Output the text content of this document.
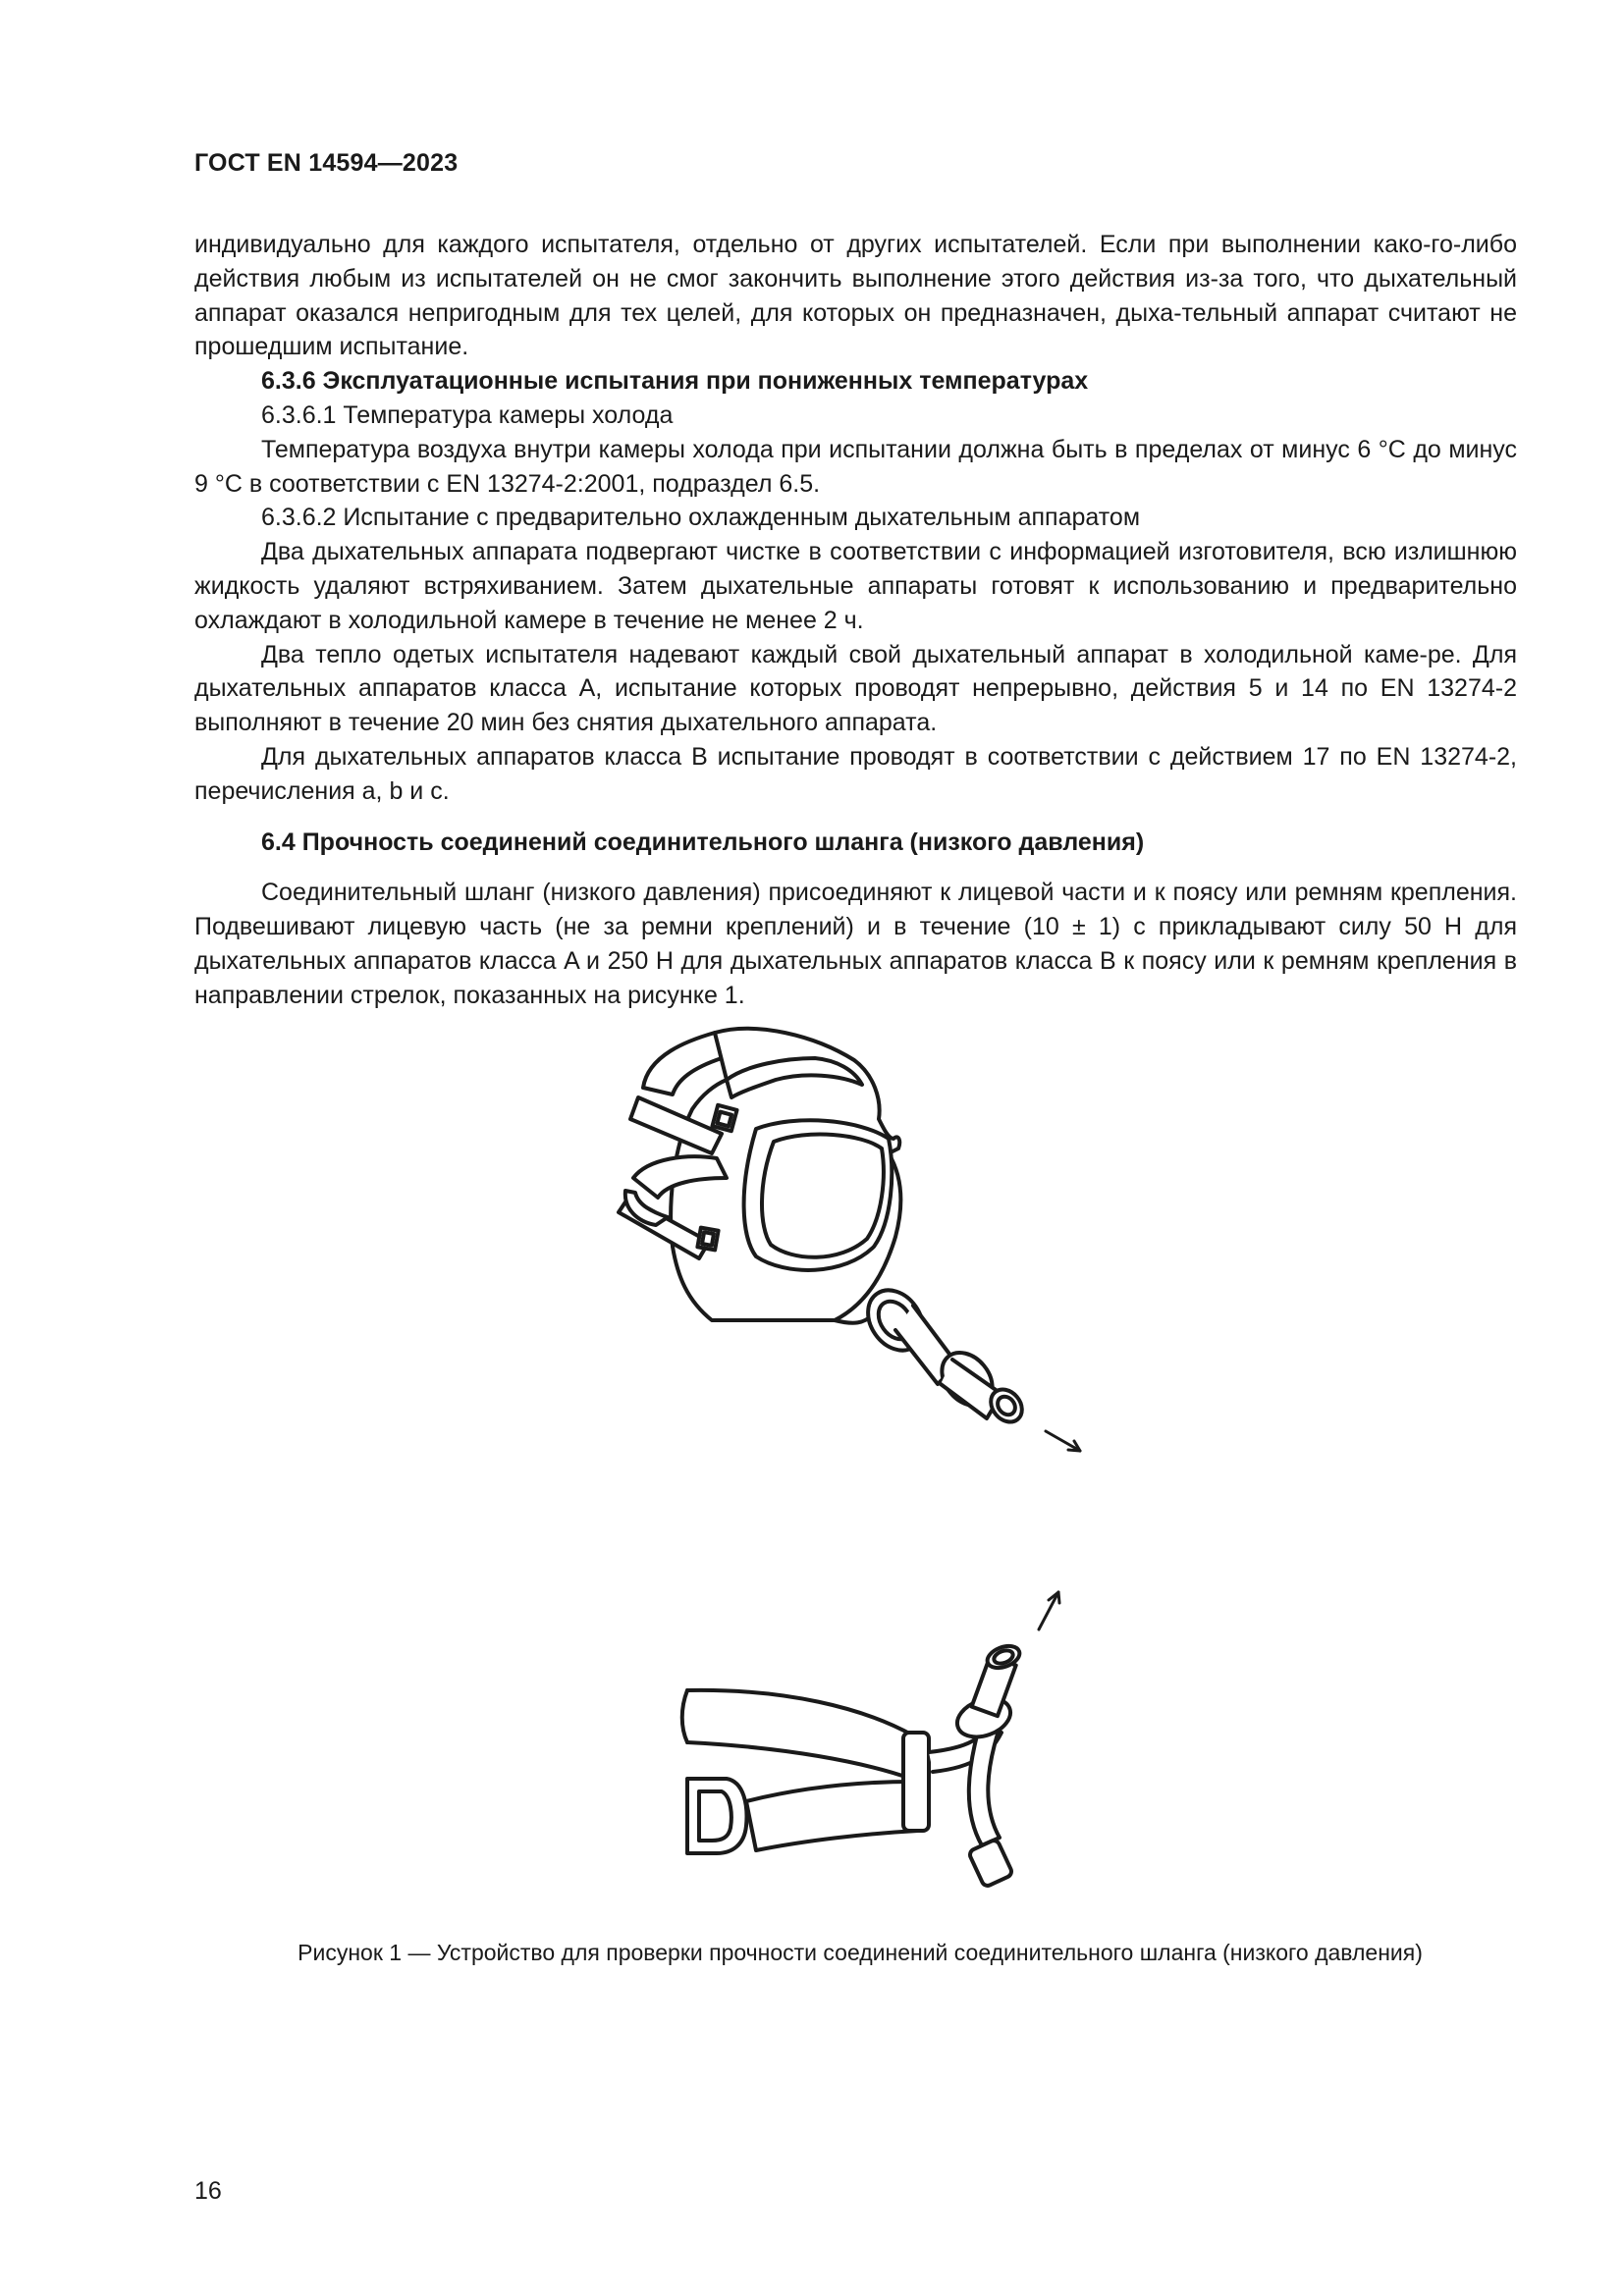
ГОСТ EN 14594—2023

индивидуально для каждого испытателя, отдельно от других испытателей. Если при выполнении како-го-либо действия любым из испытателей он не смог закончить выполнение этого действия из-за того, что дыхательный аппарат оказался непригодным для тех целей, для которых он предназначен, дыха-тельный аппарат считают не прошедшим испытание.

6.3.6 Эксплуатационные испытания при пониженных температурах

6.3.6.1 Температура камеры холода

Температура воздуха внутри камеры холода при испытании должна быть в пределах от минус 6 °C до минус 9 °C в соответствии с EN 13274-2:2001, подраздел 6.5.

6.3.6.2 Испытание с предварительно охлажденным дыхательным аппаратом

Два дыхательных аппарата подвергают чистке в соответствии с информацией изготовителя, всю излишнюю жидкость удаляют встряхиванием. Затем дыхательные аппараты готовят к использованию и предварительно охлаждают в холодильной камере в течение не менее 2 ч.

Два тепло одетых испытателя надевают каждый свой дыхательный аппарат в холодильной каме-ре. Для дыхательных аппаратов класса A, испытание которых проводят непрерывно, действия 5 и 14 по EN 13274-2 выполняют в течение 20 мин без снятия дыхательного аппарата.

Для дыхательных аппаратов класса B испытание проводят в соответствии с действием 17 по EN 13274-2, перечисления a, b и c.

6.4 Прочность соединений соединительного шланга (низкого давления)

Соединительный шланг (низкого давления) присоединяют к лицевой части и к поясу или ремням крепления. Подвешивают лицевую часть (не за ремни креплений) и в течение (10 ± 1) с прикладывают силу 50 Н для дыхательных аппаратов класса A и 250 Н для дыхательных аппаратов класса B к поясу или к ремням крепления в направлении стрелок, показанных на рисунке 1.

Рисунок 1 — Устройство для проверки прочности соединений соединительного шланга (низкого давления)
16
